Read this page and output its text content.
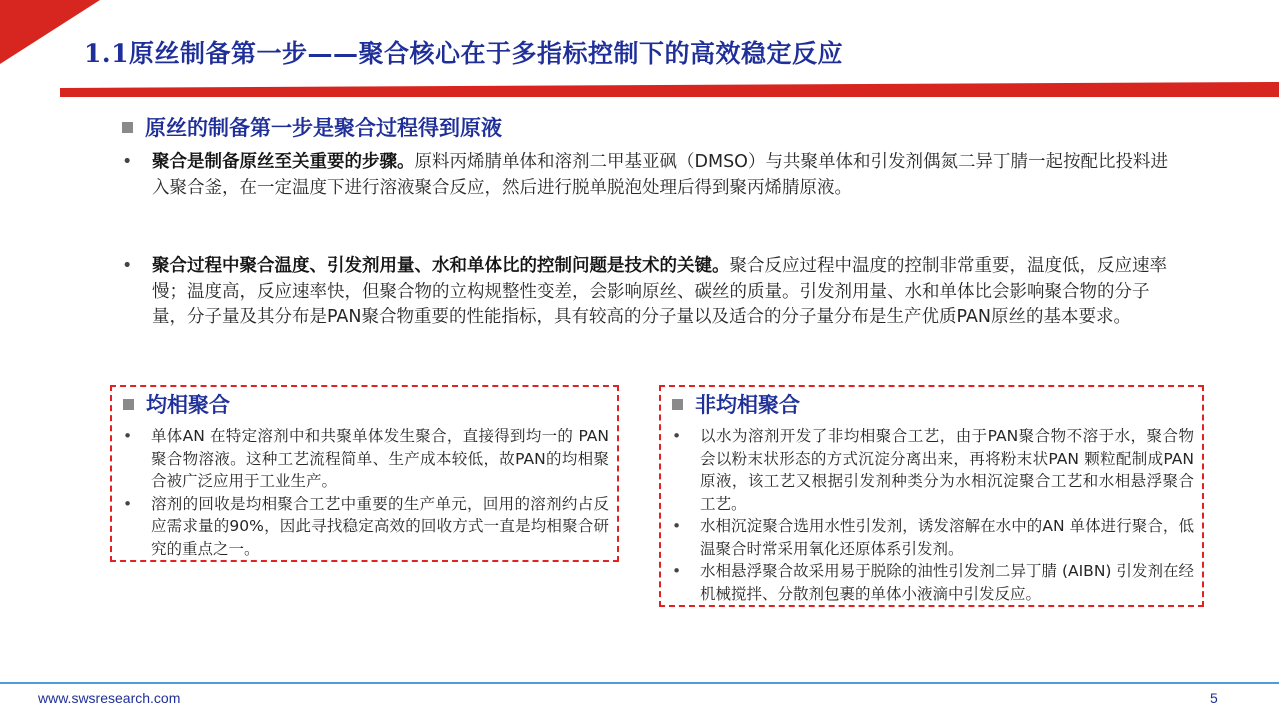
1.1原丝制备第一步——聚合核心在于多指标控制下的高效稳定反应
原丝的制备第一步是聚合过程得到原液
• 聚合是制备原丝至关重要的步骤。原料丙烯腈单体和溶剂二甲基亚砜（DMSO）与共聚单体和引发剂偶氮二异丁腈一起按配比投料进入聚合釜，在一定温度下进行溶液聚合反应，然后进行脱单脱泡处理后得到聚丙烯腈原液。
• 聚合过程中聚合温度、引发剂用量、水和单体比的控制问题是技术的关键。聚合反应过程中温度的控制非常重要，温度低，反应速率慢；温度高，反应速率快，但聚合物的立构规整性变差，会影响原丝、碳丝的质量。引发剂用量、水和单体比会影响聚合物的分子量，分子量及其分布是PAN聚合物重要的性能指标，具有较高的分子量以及适合的分子量分布是生产优质PAN原丝的基本要求。
均相聚合
• 单体AN 在特定溶剂中和共聚单体发生聚合，直接得到均一的 PAN 聚合物溶液。这种工艺流程简单、生产成本较低，故PAN的均相聚合被广泛应用于工业生产。
• 溶剂的回收是均相聚合工艺中重要的生产单元，回用的溶剂约占反应需求量的90%，因此寻找稳定高效的回收方式一直是均相聚合研究的重点之一。
非均相聚合
• 以水为溶剂开发了非均相聚合工艺，由于PAN聚合物不溶于水，聚合物会以粉末状形态的方式沉淀分离出来，再将粉末状PAN 颗粒配制成PAN原液，该工艺又根据引发剂种类分为水相沉淀聚合工艺和水相悬浮聚合工艺。
• 水相沉淀聚合选用水性引发剂，诱发溶解在水中的AN 单体进行聚合，低温聚合时常采用氧化还原体系引发剂。
• 水相悬浮聚合故采用易于脱除的油性引发剂二异丁腈 (AIBN) 引发剂在经机械搅拌、分散剂包裹的单体小液滴中引发反应。
www.swsresearch.com	5
